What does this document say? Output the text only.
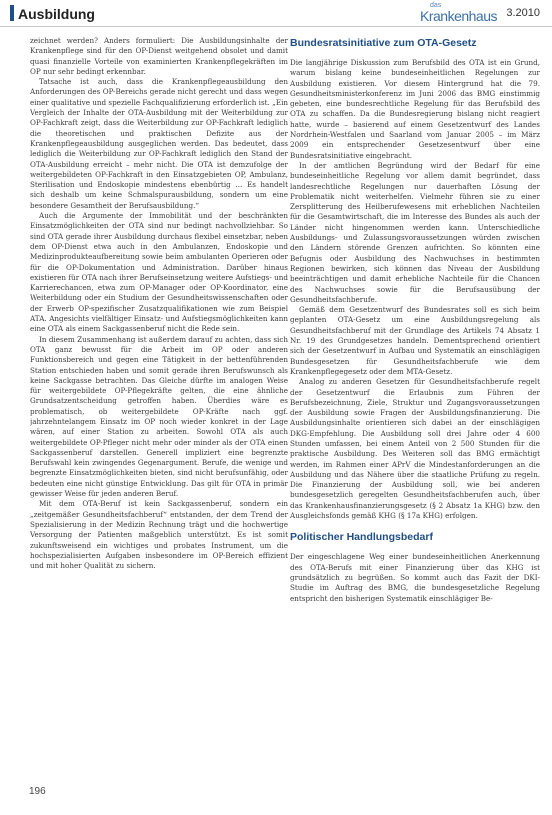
Ausbildung
das
Krankenhaus 3.2010

zeichnet werden? Anders formuliert: Die Ausbildungsinhalte der Krankenpflege sind für den OP-Dienst weitgehend obsolet und damit quasi finanzielle Vorteile von examinierten Krankenpflegekräften im OP nur sehr bedingt erkennbar.

Tatsache ist auch, dass die Krankenpflegeausbildung den Anforderungen des OP-Bereichs gerade nicht gerecht und dass wegen einer qualitative und spezielle Fachqualifizierung erforderlich ist. „Ein Vergleich der Inhalte der OTA-Ausbildung mit der Weiterbildung zur OP-Fachkraft zeigt, dass die Weiterbildung zur OP-Fachkraft lediglich die theoretischen und praktischen Defizite aus der Krankenpflegeausbildung ausgeglichen werden. Das bedeutet, dass lediglich die Weiterbildung zur OP-Fachkraft lediglich den Stand der OTA-Ausbildung erreicht – mehr nicht. Die OTA ist demzufolge der weitergebildeten OP-Fachkraft in den Einsatzgebieten OP, Ambulanz, Sterilisation und Endoskopie mindestens ebenbürtig … Es handelt sich deshalb um keine Schmalspurausbildung, sondern um eine besondere Gesamtheit der Berufsausbildung.“

Auch die Argumente der Immobilität und der beschränkten Einsatzmöglichkeiten der OTA sind nur bedingt nachvollziehbar. So sind OTA gerade ihrer Ausbildung durchaus flexibel einsetzbar, neben dem OP-Dienst etwa auch in den Ambulanzen, Endoskopie und Medizinprodukteaufbereitung sowie beim ambulanten Operieren oder für die OP-Dokumentation und Administration. Darüber hinaus existieren für OTA nach ihrer Berufseinsetzung weitere Aufstiegs- und Karrierechancen, etwa zum OP-Manager oder OP-Koordinator, eine Weiterbildung oder ein Studium der Gesundheitswissenschaften oder der Erwerb OP-spezifischer Zusatzqualifikationen wie zum Beispiel ATA. Angesichts vielfältiger Einsatz- und Aufstiegsmöglichkeiten kann eine OTA als einem Sackgassenberuf nicht die Rede sein.

In diesem Zusammenhang ist außerdem darauf zu achten, dass sich OTA ganz bewusst für die Arbeit im OP oder anderen Funktionsbereich und gegen eine Tätigkeit in der bettenführenden Station entschieden haben und somit gerade ihren Berufswunsch als keine Sackgasse betrachten. Das Gleiche dürfte im analogen Weise für weitergebildete OP-Pflegekräfte gelten, die eine ähnliche Grundsatzentscheidung getroffen haben. Überdies wäre es problematisch, ob weitergebildete OP-Kräfte nach ggf. jahrzehntelangem Einsatz im OP noch wieder konkret in der Lage wären, auf einer Station zu arbeiten. Sowohl OTA als auch weitergebildete OP-Pfleger nicht mehr oder minder als der OTA einen Sackgassenberuf darstellen. Generell impliziert eine begrenzte Berufswahl kein zwingendes Gegenargument. Berufe, die wenige und begrenzte Einsatzmöglichkeiten bieten, sind nicht berufsunfähig, oder bedeuten eine nicht günstige Entwicklung. Das gilt für OTA in primär gewisser Weise für jeden anderen Beruf.

Mit dem OTA-Beruf ist kein Sackgassenberuf, sondern ein „zeitgemäßer Gesundheitsfachberuf“ entstanden, der dem Trend der Spezialisierung in der Medizin Rechnung trägt und die hochwertige Versorgung der Patienten maßgeblich unterstützt. Es ist somit zukunftsweisend ein wichtiges und probates Instrument, um die hochspezialisierten Aufgaben insbesondere im OP-Bereich effizient und mit hoher Qualität zu sichern.

Bundesratsinitiative zum OTA-Gesetz

Die langjährige Diskussion zum Berufsbild des OTA ist ein Grund, warum bislang keine bundeseinheitlichen Regelungen zur Ausbildung existieren. Vor diesem Hintergrund hat die 79. Gesundheitsministerkonferenz im Juni 2006 das BMG einstimmig gebeten, eine bundesrechtliche Regelung für das Berufsbild des OTA zu schaffen. Da die Bundesregierung bislang nicht reagiert hatte, wurde – basierend auf einem Gesetzentwurf des Landes Nordrhein-Westfalen und Saarland vom Januar 2005 – im März 2009 ein entsprechender Gesetzesentwurf über eine Bundesratsinitiative eingebracht.

In der amtlichen Begründung wird der Bedarf für eine bundeseinheitliche Regelung vor allem damit begründet, dass landesrechtliche Regelungen nur dauerhaften Lösung der Problematik nicht weiterhelfen. Vielmehr führen sie zu einer Zersplitterung des Heilberufewesens mit erheblichen Nachteilen für die Gesamtwirtschaft, die im Interesse des Bundes als auch der Länder nicht hingenommen werden kann. Unterschiedliche Ausbildungs- und Zulassungsvoraussetzungen würden zwischen den Ländern störende Grenzen aufrichten. So könnten eine Befugnis oder Ausbildung des Nachwuchses in bestimmten Regionen bewirken, sich können das Niveau der Ausbildung beeinträchtigen und damit erhebliche Nachteile für die Chancen des Nachwuchses sowie für die Berufsausübung der Gesundheitsfachberufe.

Gemäß dem Gesetzentwurf des Bundesrates soll es sich beim geplanten OTA-Gesetz um eine Ausbildungsregelung als Gesundheitsfachberuf mit der Grundlage des Artikels 74 Absatz 1 Nr. 19 des Grundgesetzes handeln. Dementsprechend orientiert sich der Gesetzentwurf in Aufbau und Systematik an einschlägigen Bundesgesetzen für Gesundheitsfachberufe wie dem Krankenpflegegesetz oder dem MTA-Gesetz.

Analog zu anderen Gesetzen für Gesundheitsfachberufe regelt der Gesetzentwurf die Erlaubnis zum Führen der Berufsbezeichnung, Ziele, Struktur und Zugangsvoraussetzungen der Ausbildung sowie Fragen der Ausbildungsfinanzierung. Die Ausbildungsinhalte orientieren sich dabei an der einschlägigen DKG-Empfehlung. Die Ausbildung soll drei Jahre oder 4 600 Stunden umfassen, bei einem Anteil von 2 500 Stunden für die praktische Ausbildung. Des Weiteren soll das BMG ermächtigt werden, im Rahmen einer APrV die Mindestanforderungen an die Ausbildung und das Nähere über die staatliche Prüfung zu regeln. Die Finanzierung der Ausbildung soll, wie bei anderen bundesgesetzlich geregelten Gesundheitsfachberufen auch, über das Krankenhausfinanzierungsgesetz (§ 2 Absatz 1a KHG) bzw. den Ausgleichsfonds gemäß KHG (§ 17a KHG) erfolgen.

Politischer Handlungsbedarf

Der eingeschlagene Weg einer bundeseinheitlichen Anerkennung des OTA-Berufs mit einer Finanzierung über das KHG ist grundsätzlich zu begrüßen. So kommt auch das Fazit der DKI-Studie im Auftrag des BMG, die bundesgesetzliche Regelung entspricht den bisherigen Systematik einschlägiger Be-

196
